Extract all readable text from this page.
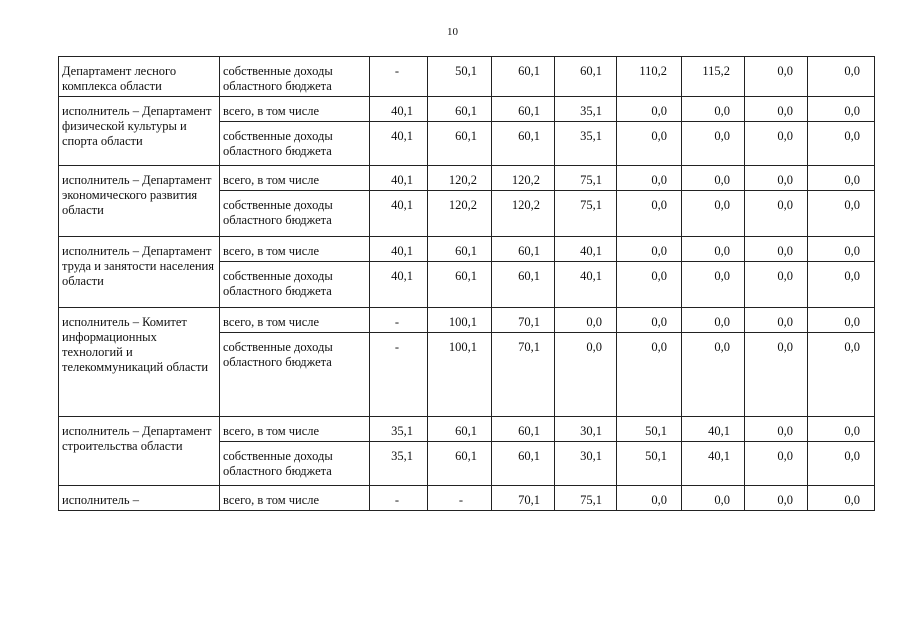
10
Департамент лесного комплекса области	собственные доходы областного бюджета	-	50,1	60,1	60,1	110,2	115,2	0,0	0,0
исполнитель – Департамент физической культуры и спорта области	всего, в том числе	40,1	60,1	60,1	35,1	0,0	0,0	0,0	0,0
	собственные доходы областного бюджета	40,1	60,1	60,1	35,1	0,0	0,0	0,0	0,0
исполнитель – Департамент экономического развития области	всего, в том числе	40,1	120,2	120,2	75,1	0,0	0,0	0,0	0,0
	собственные доходы областного бюджета	40,1	120,2	120,2	75,1	0,0	0,0	0,0	0,0
исполнитель – Департамент труда и занятости населения области	всего, в том числе	40,1	60,1	60,1	40,1	0,0	0,0	0,0	0,0
	собственные доходы областного бюджета	40,1	60,1	60,1	40,1	0,0	0,0	0,0	0,0
исполнитель – Комитет информационных технологий и телекоммуникаций области	всего, в том числе	-	100,1	70,1	0,0	0,0	0,0	0,0	0,0
	собственные доходы областного бюджета	-	100,1	70,1	0,0	0,0	0,0	0,0	0,0
исполнитель – Департамент строительства области	всего, в том числе	35,1	60,1	60,1	30,1	50,1	40,1	0,0	0,0
	собственные доходы областного бюджета	35,1	60,1	60,1	30,1	50,1	40,1	0,0	0,0
исполнитель –	всего, в том числе	-	-	70,1	75,1	0,0	0,0	0,0	0,0
